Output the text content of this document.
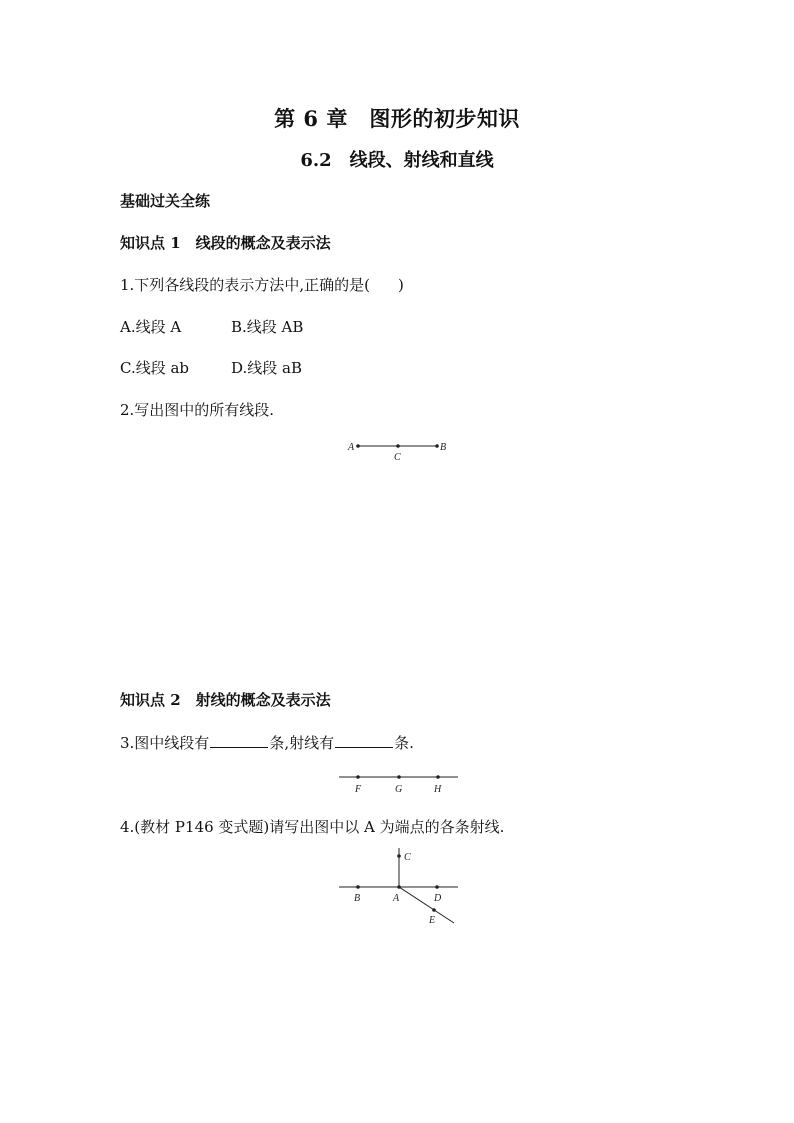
第 6 章　图形的初步知识
6.2　线段、射线和直线
基础过关全练
知识点 1　线段的概念及表示法
1.下列各线段的表示方法中,正确的是( )
A.线段 A	B.线段 AB
C.线段 ab	D.线段 aB
2.写出图中的所有线段.
A
C
B
知识点 2　射线的概念及表示法
3.图中线段有	条,射线有	条.
F	G	H
4.(教材 P146 变式题)请写出图中以 A 为端点的各条射线.
C
B	A	D
E
